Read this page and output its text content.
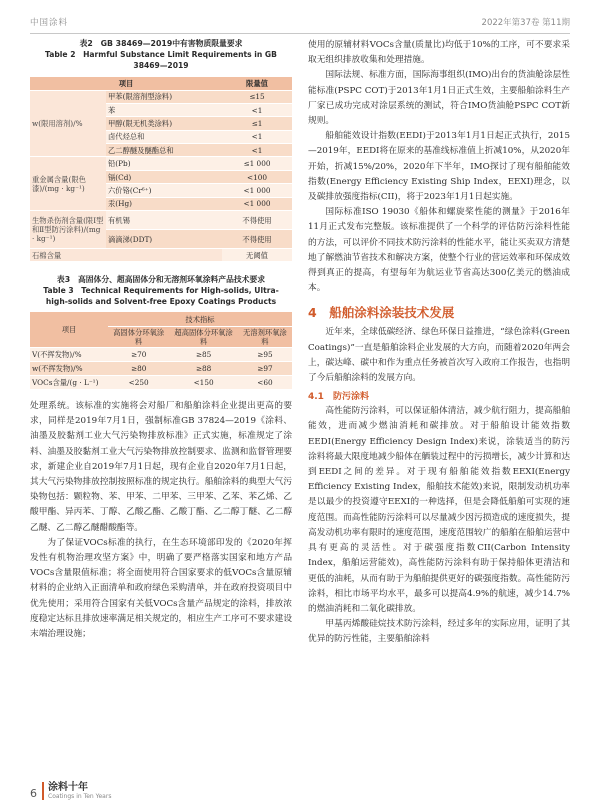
中国涂料	2022年第37卷 第11期
表2　GB 38469—2019中有害物质限量要求
Table 2　Harmful Substance Limit Requirements in GB 38469—2019
项目		限量值
w(限用溶剂)/%	甲苯(限溶剂型涂料)	≤15
	苯	<1
	甲醇(限无机类涂料)	≤1
	卤代烃总和	<1
	乙二醇醚及醚酯总和	<1
重金属含量(限色漆)/(mg · kg⁻¹)	铅(Pb)	≤1 000
	镉(Cd)	<100
	六价铬(Cr⁶⁺)	<1 000
	汞(Hg)	<1 000
生物杀伤剂含量(限Ⅰ型和Ⅱ型防污涂料)/(mg · kg⁻¹)	有机锡	不得使用
	滴滴涕(DDT)	不得使用
石棉含量		无阈值
表3　高固体分、超高固体分和无溶剂环氧涂料产品技术要求
Table 3　Technical Requirements for High-solids, Ultra-high-solids and Solvent-free Epoxy Coatings Products
项目	技术指标		
	高固体分环氧涂料	超高固体分环氧涂料	无溶剂环氧涂料
V(不挥发物)/%	≥70	≥85	≥95
w(不挥发物)/%	≥80	≥88	≥97
VOCs含量/(g · L⁻¹)	<250	<150	<60

处理系统。该标准的实施将会对船厂和船舶涂料企业提出更高的要求，同样是2019年7月1日，强制标准GB 37824—2019《涂料、油墨及胶黏剂工业大气污染物排放标准》正式实施，标准规定了涂料、油墨及胶黏剂工业大气污染物排放控制要求、监测和监督管理要求，新建企业自2019年7月1日起，现有企业自2020年7月1日起，其大气污染物排放控制按照标准的规定执行。船舶涂料的典型大气污染物包括：颗粒物、苯、甲苯、二甲苯、三甲苯、乙苯、苯乙烯、乙酸甲酯、异丙苯、丁醇、乙酸乙酯、乙酸丁酯、乙二醇丁醚、乙二醇乙醚、乙二醇乙醚醋酸酯等。

为了保证VOCs标准的执行，在生态环境部印发的《2020年挥发性有机物治理攻坚方案》中，明确了要严格落实国家和地方产品VOCs含量限值标准；将全面使用符合国家要求的低VOCs含量原辅材料的企业纳入正面清单和政府绿色采购清单，并在政府投资项目中优先使用；采用符合国家有关低VOCs含量产品规定的涂料，排放浓度稳定达标且排放速率满足相关规定的，相应生产工序可不要求建设末端治理设施；

使用的原辅材料VOCs含量(质量比)均低于10%的工序，可不要求采取无组织排放收集和处理措施。

国际法规、标准方面，国际海事组织(IMO)出台的货油舱涂层性能标准(PSPC COT)于2013年1月1日正式生效，主要船舶涂料生产厂家已成功完成对涂层系统的测试，符合IMO货油舱PSPC COT新规则。

船舶能效设计指数(EEDI)于2013年1月1日起正式执行，2015—2019年，EEDI将在原来的基准线标准值上折减10%，从2020年开始，折减15%/20%，2020年下半年，IMO探讨了现有船舶能效指数(Energy Efficiency Existing Ship Index，EEXI)理念，以及碳排放强度指标(CII)，将于2023年1月1日起实施。

国际标准ISO 19030《船体和螺旋桨性能的测量》于2016年11月正式发布完整版。该标准提供了一个科学的评估防污涂料性能的方法，可以评价不同技术防污涂料的性能水平，能让买卖双方清楚地了解燃油节省技术和解决方案，使整个行业的营运效率和环保成效得到真正的提高，有望每年为航运业节省高达300亿美元的燃油成本。

4　船舶涂料涂装技术发展

近年来，全球低碳经济、绿色环保日益推进，“绿色涂料(Green Coatings)”一直是船舶涂料企业发展的大方向，而随着2020年两会上，碳达峰、碳中和作为重点任务被首次写入政府工作报告，也指明了今后船舶涂料的发展方向。

4.1　防污涂料

高性能防污涂料，可以保证船体清洁，减少航行阻力，提高船舶能效，进而减少燃油消耗和碳排放。对于船舶设计能效指数EEDI(Energy Efficiency Design Index)来说，涂装适当的防污涂料将最大限度地减少船体在舾装过程中的污损增长，减少计算和达到EEDI之间的差异。对于现有船舶能效指数EEXI(Energy Efficiency Existing Index，船舶技术能效)来说，限制发动机功率是以最少的投资遵守EEXI的一种选择，但是会降低船舶可实现的速度范围。而高性能防污涂料可以尽量减少因污损造成的速度损失，提高发动机功率有限时的速度范围，速度范围较广的船舶在船舶运营中具有更高的灵活性。对于碳强度指数CII(Carbon Intensity Index，船舶运营能效)，高性能防污涂料有助于保持船体更清洁和更低的油耗，从而有助于为船舶提供更好的碳强度指数。高性能防污涂料，相比市场平均水平，最多可以提高4.9%的航速，减少14.7%的燃油消耗和二氧化碳排放。

甲基丙烯酸硅烷技术防污涂料，经过多年的实际应用，证明了其优异的防污性能，主要船舶涂料

6 涂料十年
Coatings in Ten Years
